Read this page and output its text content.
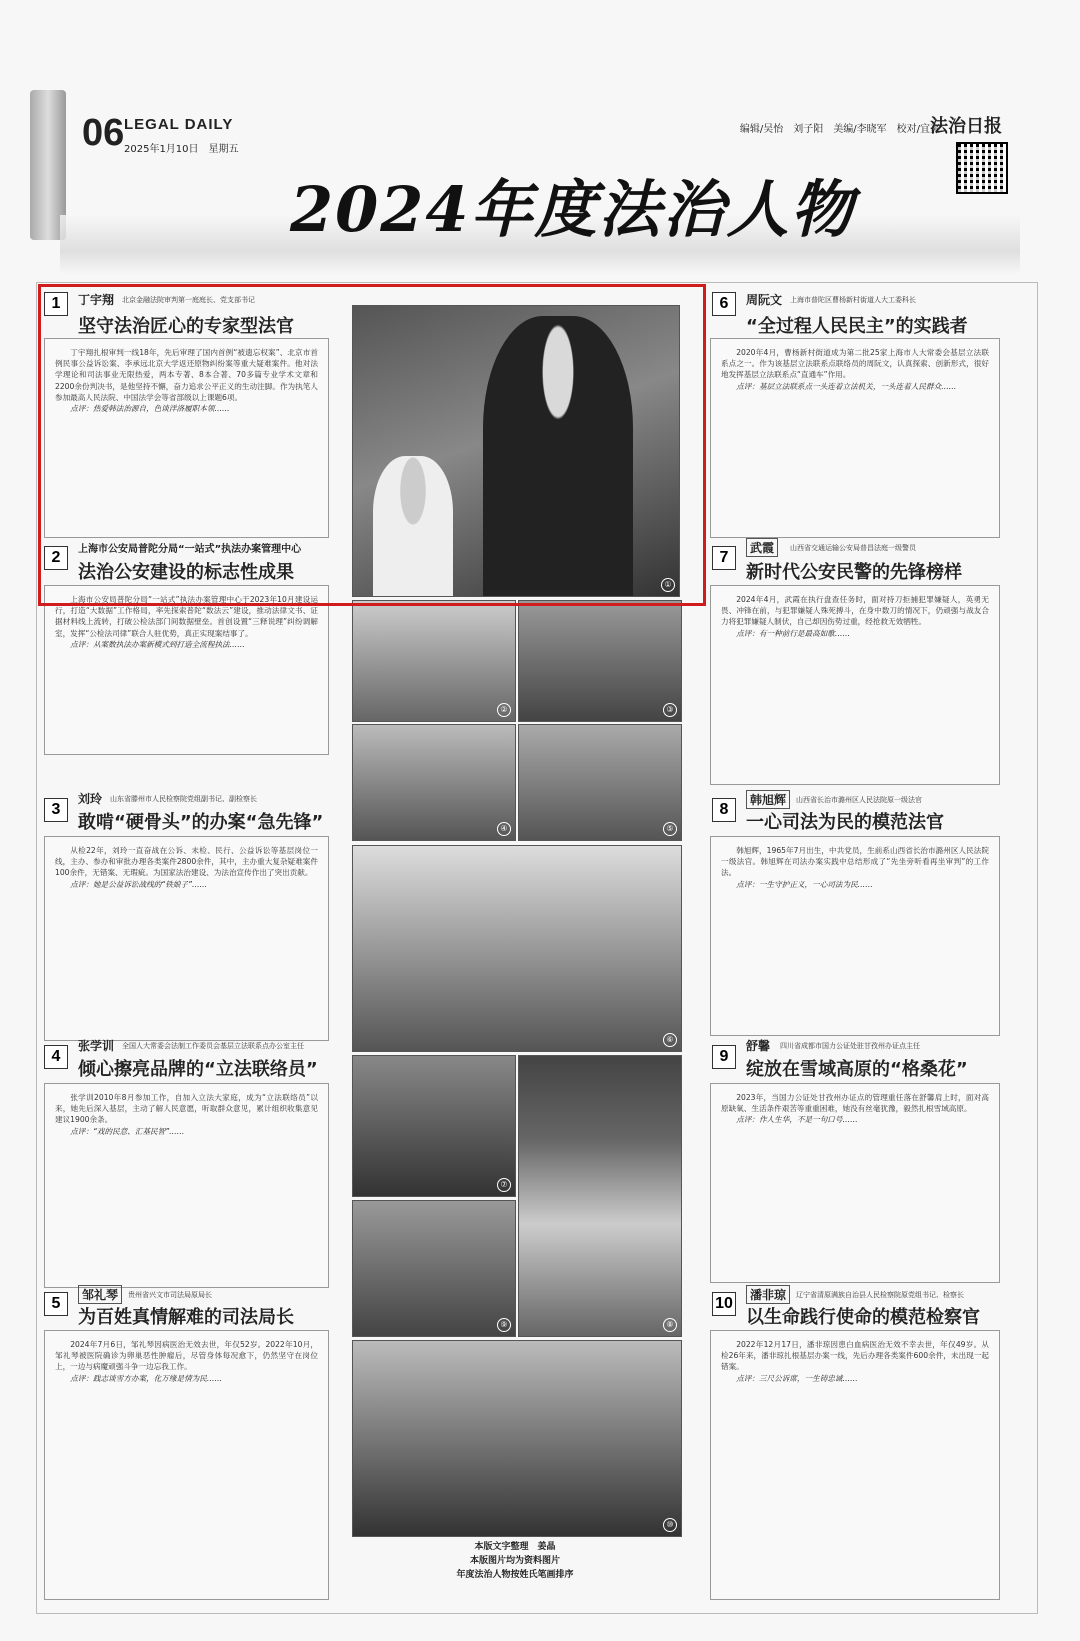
06 LEGAL DAILY
2025年1月10日　星期五
编辑/吴怡　刘子阳　美编/李晓军　校对/宜爽
法治日报
2024年度法治人物
1	丁宇翔 北京金融法院审判第一庭庭长、党支部书记
坚守法治匠心的专家型法官

丁宇翔扎根审判一线18年，先后审理了国内首例“被遗忘权案”、北京市首例民事公益诉讼案、李承远北京大学返还原物纠纷案等重大疑难案件。他对法学理论和司法事业无限热爱，两本专著、8本合著、70多篇专业学术文章和2200余份判决书，是他坚持不懈，奋力追求公平正义的生动注脚。作为执笔人参加最高人民法院、中国法学会等省部级以上课题6项。

点评：热爱韩法治源自，色谈洋洛履职本领……

2	上海市公安局普陀分局“一站式”执法办案管理中心
法治公安建设的标志性成果

上海市公安局普陀分局“一站式”执法办案管理中心于2023年10月建设运行，打造“大数据”工作格局，率先探索普陀“数法云”建设，推动法律文书、证据材料线上流转，打破公检法部门间数据壁垒。首创设置“三释说理”纠纷调解室，发挥“公检法司律”联合人驻优势，真正实现案结事了。

点评：从案数执法办案新模式到打造全流程执法……

3
刘玲 山东省滕州市人民检察院党组副书记、副检察长
敢啃“硬骨头”的办案“急先锋”

从检22年，刘玲一直奋战在公诉、未检、民行、公益诉讼等基层岗位一线，主办、参办和审批办理各类案件2800余件，其中，主办重大复杂疑难案件100余件，无错案、无瑕疵。为国家法治建设、为法治宣传作出了突出贡献。

点评：她是公益诉讼战线的“铁娘子”……

4
张学训 全国人大常委会法制工作委员会基层立法联系点办公室主任
倾心擦亮品牌的“立法联络员”

张学训2010年8月参加工作，自加入立法大家庭，成为“立法联络员”以来，她先后深入基层，主动了解人民意愿，听取群众意见，累计组织收集意见建议1900余条。

点评：“戏的民意、汇基民智”……

5	邹礼琴	贵州省兴文市司法局原局长
为百姓真情解难的司法局长

2024年7月6日，邹礼琴因病医治无效去世，年仅52岁。2022年10月，邹礼琴被医院确诊为卵巢恶性肿瘤后，尽管身体每况愈下，仍然坚守在岗位上，一边与病魔顽强斗争一边忘我工作。

点评：践志谈雪方办案，化万缘是情为民……

6	周阮文 上海市普陀区曹杨新村街道人大工委科长
“全过程人民民主”的实践者

2020年4月，曹杨新村街道成为第二批25家上海市人大常委会基层立法联系点之一。作为该基层立法联系点联络员的周阮文，认真探索、创新形式，很好地发挥基层立法联系点“直通车”作用。

点评：基层立法联系点一头连着立法机关，一头连着人民群众……

7
武霞	山西省交通运输公安局普昌法庭一级警员
新时代公安民警的先锋榜样

2024年4月，武霞在执行盘查任务时，面对持刀拒捕犯罪嫌疑人，英勇无畏、冲锋在前，与犯罪嫌疑人殊死搏斗，在身中数刀的情况下，仍顽强与战友合力将犯罪嫌疑人制伏，自己却因伤势过重，经抢救无效牺牲。

点评：有一种前行是最高如歌……

8
韩旭辉	山西省长治市潞州区人民法院原一级法官
一心司法为民的模范法官

韩旭辉，1965年7月出生，中共党员，生前系山西省长治市潞州区人民法院一级法官。韩旭辉在司法办案实践中总结形成了“先坐旁听看再坐审判”的工作法。

点评：一生守护正义，一心司法为民……

9
舒馨 四川省成都市国力公证处驻甘孜州办证点主任
绽放在雪域高原的“格桑花”

2023年，当国力公证处甘孜州办证点的管理重任落在舒馨肩上时，面对高原缺氧、生活条件艰苦等重重困难，她没有丝毫犹豫，毅然扎根雪域高原。

点评：作人生华，不是一句口号……

10	潘非琼	辽宁省清原满族自治县人民检察院原党组书记、检察长
以生命践行使命的模范检察官

2022年12月17日，潘非琼因患白血病医治无效不幸去世，年仅49岁。从检26年来，潘非琼扎根基层办案一线，先后办理各类案件600余件，未出现一起错案。

点评：三尺公诉席，一生铸忠诚……

①
②	③
④	⑤
⑥
⑦
⑧
⑨
⑩
本版文字整理　姜晶
本版图片均为资料图片
年度法治人物按姓氏笔画排序
